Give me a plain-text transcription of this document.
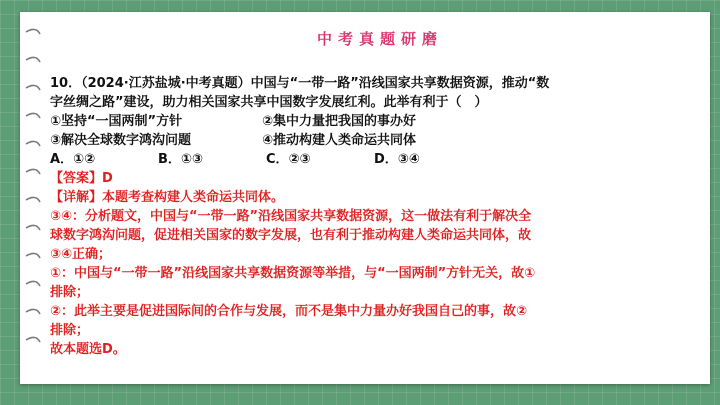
中考真题研磨
10．（2024·江苏盐城·中考真题）中国与“一带一路”沿线国家共享数据资源，推动“数
字丝绸之路”建设，助力相关国家共享中国数字发展红利。此举有利于（　）
①坚持“一国两制”方针	②集中力量把我国的事办好
③解决全球数字鸿沟问题	④推动构建人类命运共同体
A．①②	B．①③	C．②③	D．③④
【答案】D
【详解】本题考查构建人类命运共同体。
③④：分析题文，中国与“一带一路”沿线国家共享数据资源，这一做法有利于解决全
球数字鸿沟问题，促进相关国家的数字发展，也有利于推动构建人类命运共同体，故
③④正确；
①：中国与“一带一路”沿线国家共享数据资源等举措，与“一国两制”方针无关，故①
排除；
②：此举主要是促进国际间的合作与发展，而不是集中力量办好我国自己的事，故②
排除；
故本题选D。
